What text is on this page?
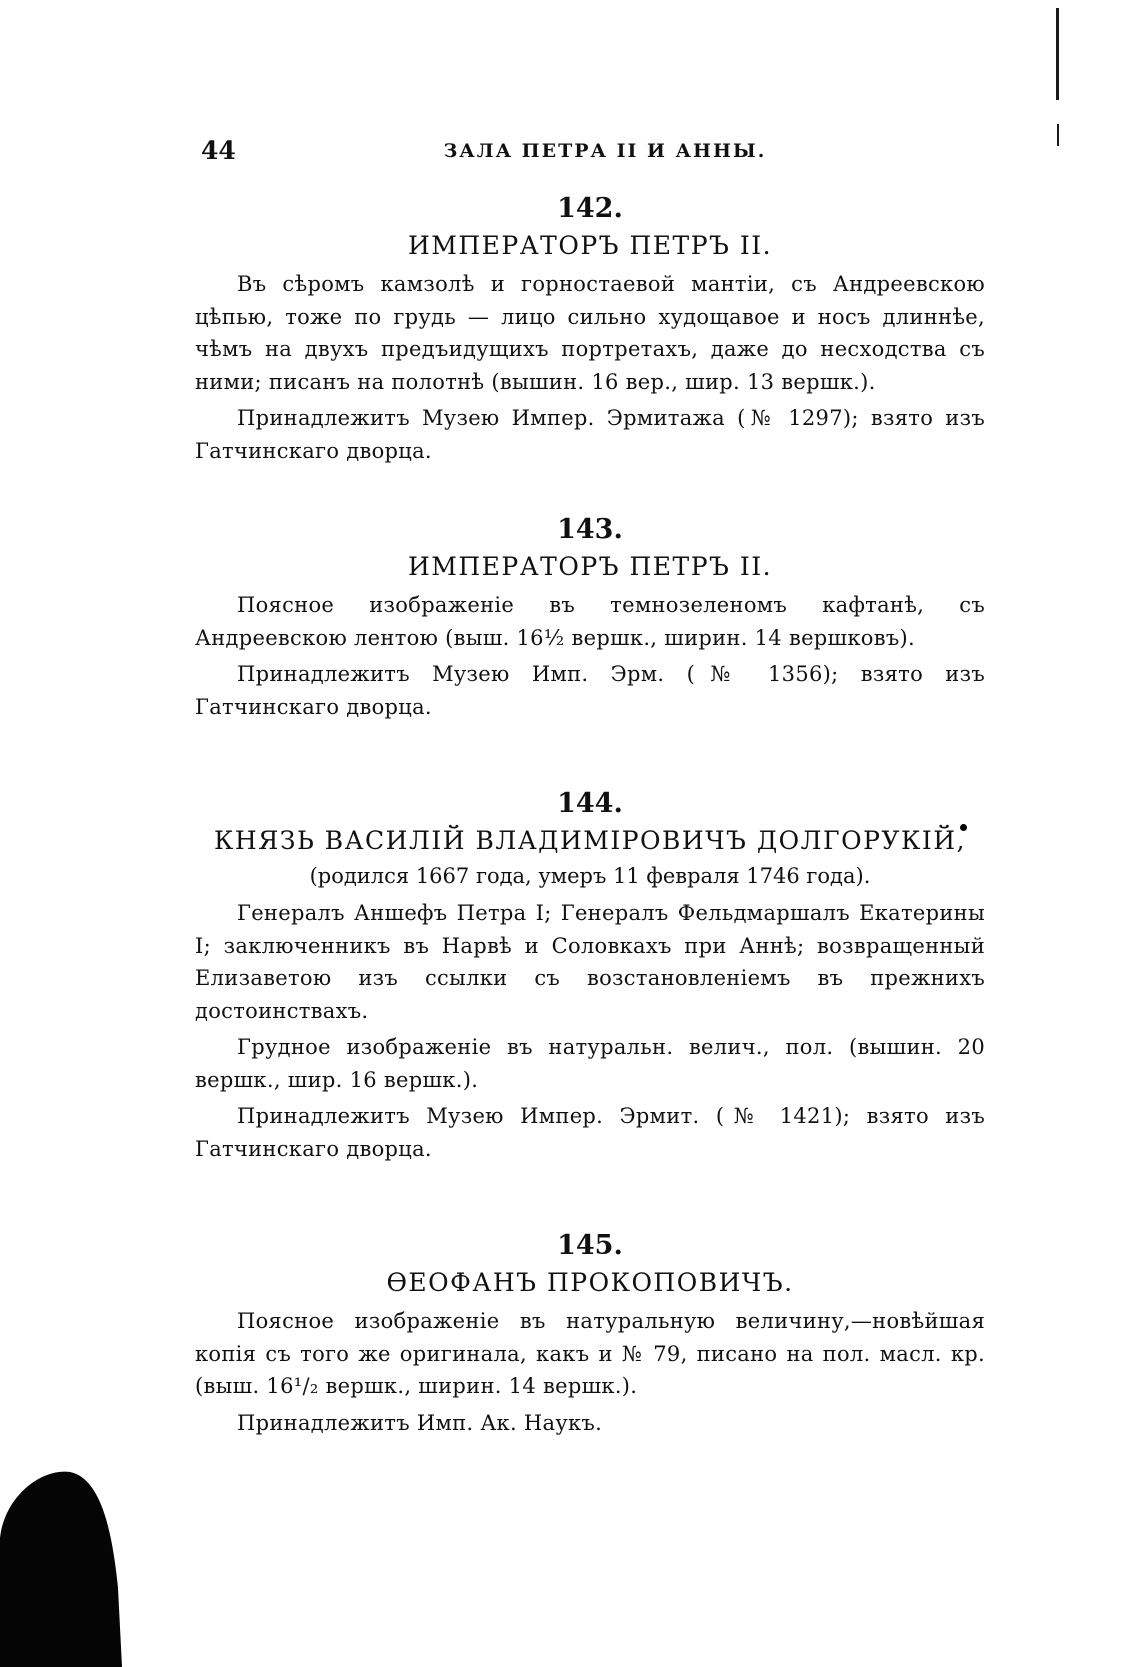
44	ЗАЛА ПЕТРА II И АННЫ.
142.
ИМПЕРАТОРЪ ПЕТРЪ II.

Въ сѣромъ камзолѣ и горностаевой мантіи, съ Андреевскою цѣпью, тоже по грудь — лицо сильно худощавое и носъ длиннѣе, чѣмъ на двухъ предъидущихъ портретахъ, даже до несходства съ ними; писанъ на полотнѣ (вышин. 16 вер., шир. 13 вершк.).

Принадлежитъ Музею Импер. Эрмитажа (№ 1297); взято изъ Гатчинскаго дворца.

143.
ИМПЕРАТОРЪ ПЕТРЪ II.

Поясное изображеніе въ темнозеленомъ кафтанѣ, съ Андреевскою лентою (выш. 16½ вершк., ширин. 14 вершковъ).

Принадлежитъ Музею Имп. Эрм. (№ 1356); взято изъ Гатчинскаго дворца.

144.
КНЯЗЬ ВАСИЛІЙ ВЛАДИМІРОВИЧЪ ДОЛГОРУКІЙ,
(родился 1667 года, умеръ 11 февраля 1746 года).

Генералъ Аншефъ Петра I; Генералъ Фельдмаршалъ Екатерины I; заключенникъ въ Нарвѣ и Соловкахъ при Аннѣ; возвращенный Елизаветою изъ ссылки съ возстановленіемъ въ прежнихъ достоинствахъ.

Грудное изображеніе въ натуральн. велич., пол. (вышин. 20 вершк., шир. 16 вершк.).

Принадлежитъ Музею Импер. Эрмит. (№ 1421); взято изъ Гатчинскаго дворца.

145.
ѲЕОФАНЪ ПРОКОПОВИЧЪ.

Поясное изображеніе въ натуральную величину,—новѣйшая копія съ того же оригинала, какъ и № 79, писано на пол. масл. кр. (выш. 16¹/₂ вершк., ширин. 14 вершк.).

Принадлежитъ Имп. Ак. Наукъ.
